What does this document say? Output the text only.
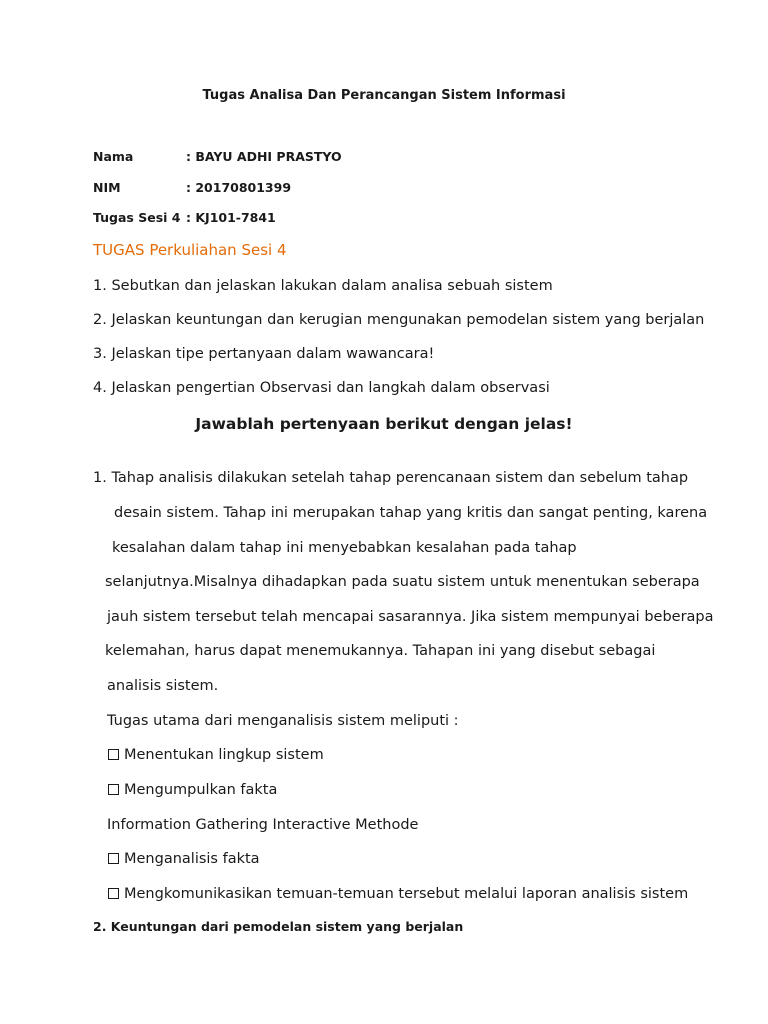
Tugas Analisa Dan Perancangan Sistem Informasi

Nama	: BAYU ADHI PRASTYO

NIM	: 20170801399

Tugas Sesi 4 : KJ101-7841

TUGAS Perkuliahan Sesi 4

1. Sebutkan dan jelaskan lakukan dalam analisa sebuah sistem

2. Jelaskan keuntungan dan kerugian mengunakan pemodelan sistem yang berjalan

3. Jelaskan tipe pertanyaan dalam wawancara!

4. Jelaskan pengertian Observasi dan langkah dalam observasi

Jawablah pertenyaan berikut dengan jelas!

1. Tahap analisis dilakukan setelah tahap perencanaan sistem dan sebelum tahap

desain sistem. Tahap ini merupakan tahap yang kritis dan sangat penting, karena

kesalahan dalam tahap ini menyebabkan kesalahan pada tahap

selanjutnya.Misalnya dihadapkan pada suatu sistem untuk menentukan seberapa

jauh sistem tersebut telah mencapai sasarannya. Jika sistem mempunyai beberapa

kelemahan, harus dapat menemukannya. Tahapan ini yang disebut sebagai

analisis sistem.

Tugas utama dari menganalisis sistem meliputi :

Menentukan lingkup sistem

Mengumpulkan fakta

Information Gathering Interactive Methode

Menganalisis fakta

Mengkomunikasikan temuan-temuan tersebut melalui laporan analisis sistem

2. Keuntungan dari pemodelan sistem yang berjalan
